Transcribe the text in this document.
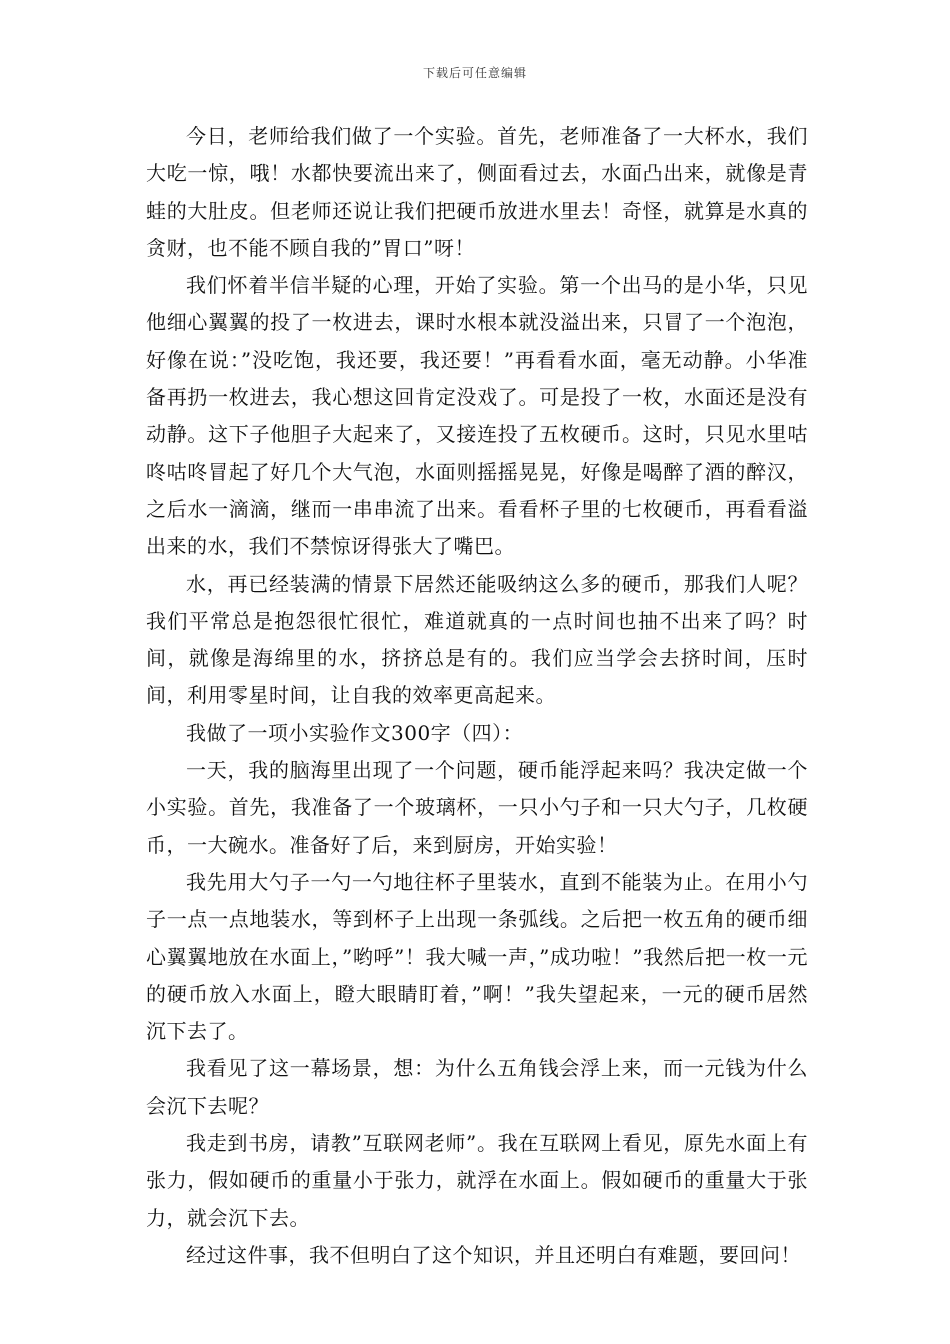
下载后可任意编辑

今日，老师给我们做了一个实验。首先，老师准备了一大杯水，我们大吃一惊，哦！水都快要流出来了，侧面看过去，水面凸出来，就像是青蛙的大肚皮。但老师还说让我们把硬币放进水里去！奇怪，就算是水真的贪财，也不能不顾自我的”胃口”呀！

我们怀着半信半疑的心理，开始了实验。第一个出马的是小华，只见他细心翼翼的投了一枚进去，课时水根本就没溢出来，只冒了一个泡泡，好像在说：”没吃饱，我还要，我还要！”再看看水面，毫无动静。小华准备再扔一枚进去，我心想这回肯定没戏了。可是投了一枚，水面还是没有动静。这下子他胆子大起来了，又接连投了五枚硬币。这时，只见水里咕咚咕咚冒起了好几个大气泡，水面则摇摇晃晃，好像是喝醉了酒的醉汉，之后水一滴滴，继而一串串流了出来。看看杯子里的七枚硬币，再看看溢出来的水，我们不禁惊讶得张大了嘴巴。

水，再已经装满的情景下居然还能吸纳这么多的硬币，那我们人呢？我们平常总是抱怨很忙很忙，难道就真的一点时间也抽不出来了吗？时间，就像是海绵里的水，挤挤总是有的。我们应当学会去挤时间，压时间，利用零星时间，让自我的效率更高起来。

我做了一项小实验作文300字（四）：

一天，我的脑海里出现了一个问题，硬币能浮起来吗？我决定做一个小实验。首先，我准备了一个玻璃杯，一只小勺子和一只大勺子，几枚硬币，一大碗水。准备好了后，来到厨房，开始实验！

我先用大勺子一勺一勺地往杯子里装水，直到不能装为止。在用小勺子一点一点地装水，等到杯子上出现一条弧线。之后把一枚五角的硬币细心翼翼地放在水面上，”哟呼”！我大喊一声，”成功啦！”我然后把一枚一元的硬币放入水面上，瞪大眼睛盯着，”啊！”我失望起来，一元的硬币居然沉下去了。

我看见了这一幕场景，想：为什么五角钱会浮上来，而一元钱为什么会沉下去呢？

我走到书房，请教”互联网老师”。我在互联网上看见，原先水面上有张力，假如硬币的重量小于张力，就浮在水面上。假如硬币的重量大于张力，就会沉下去。

经过这件事，我不但明白了这个知识，并且还明白有难题，要回问！
